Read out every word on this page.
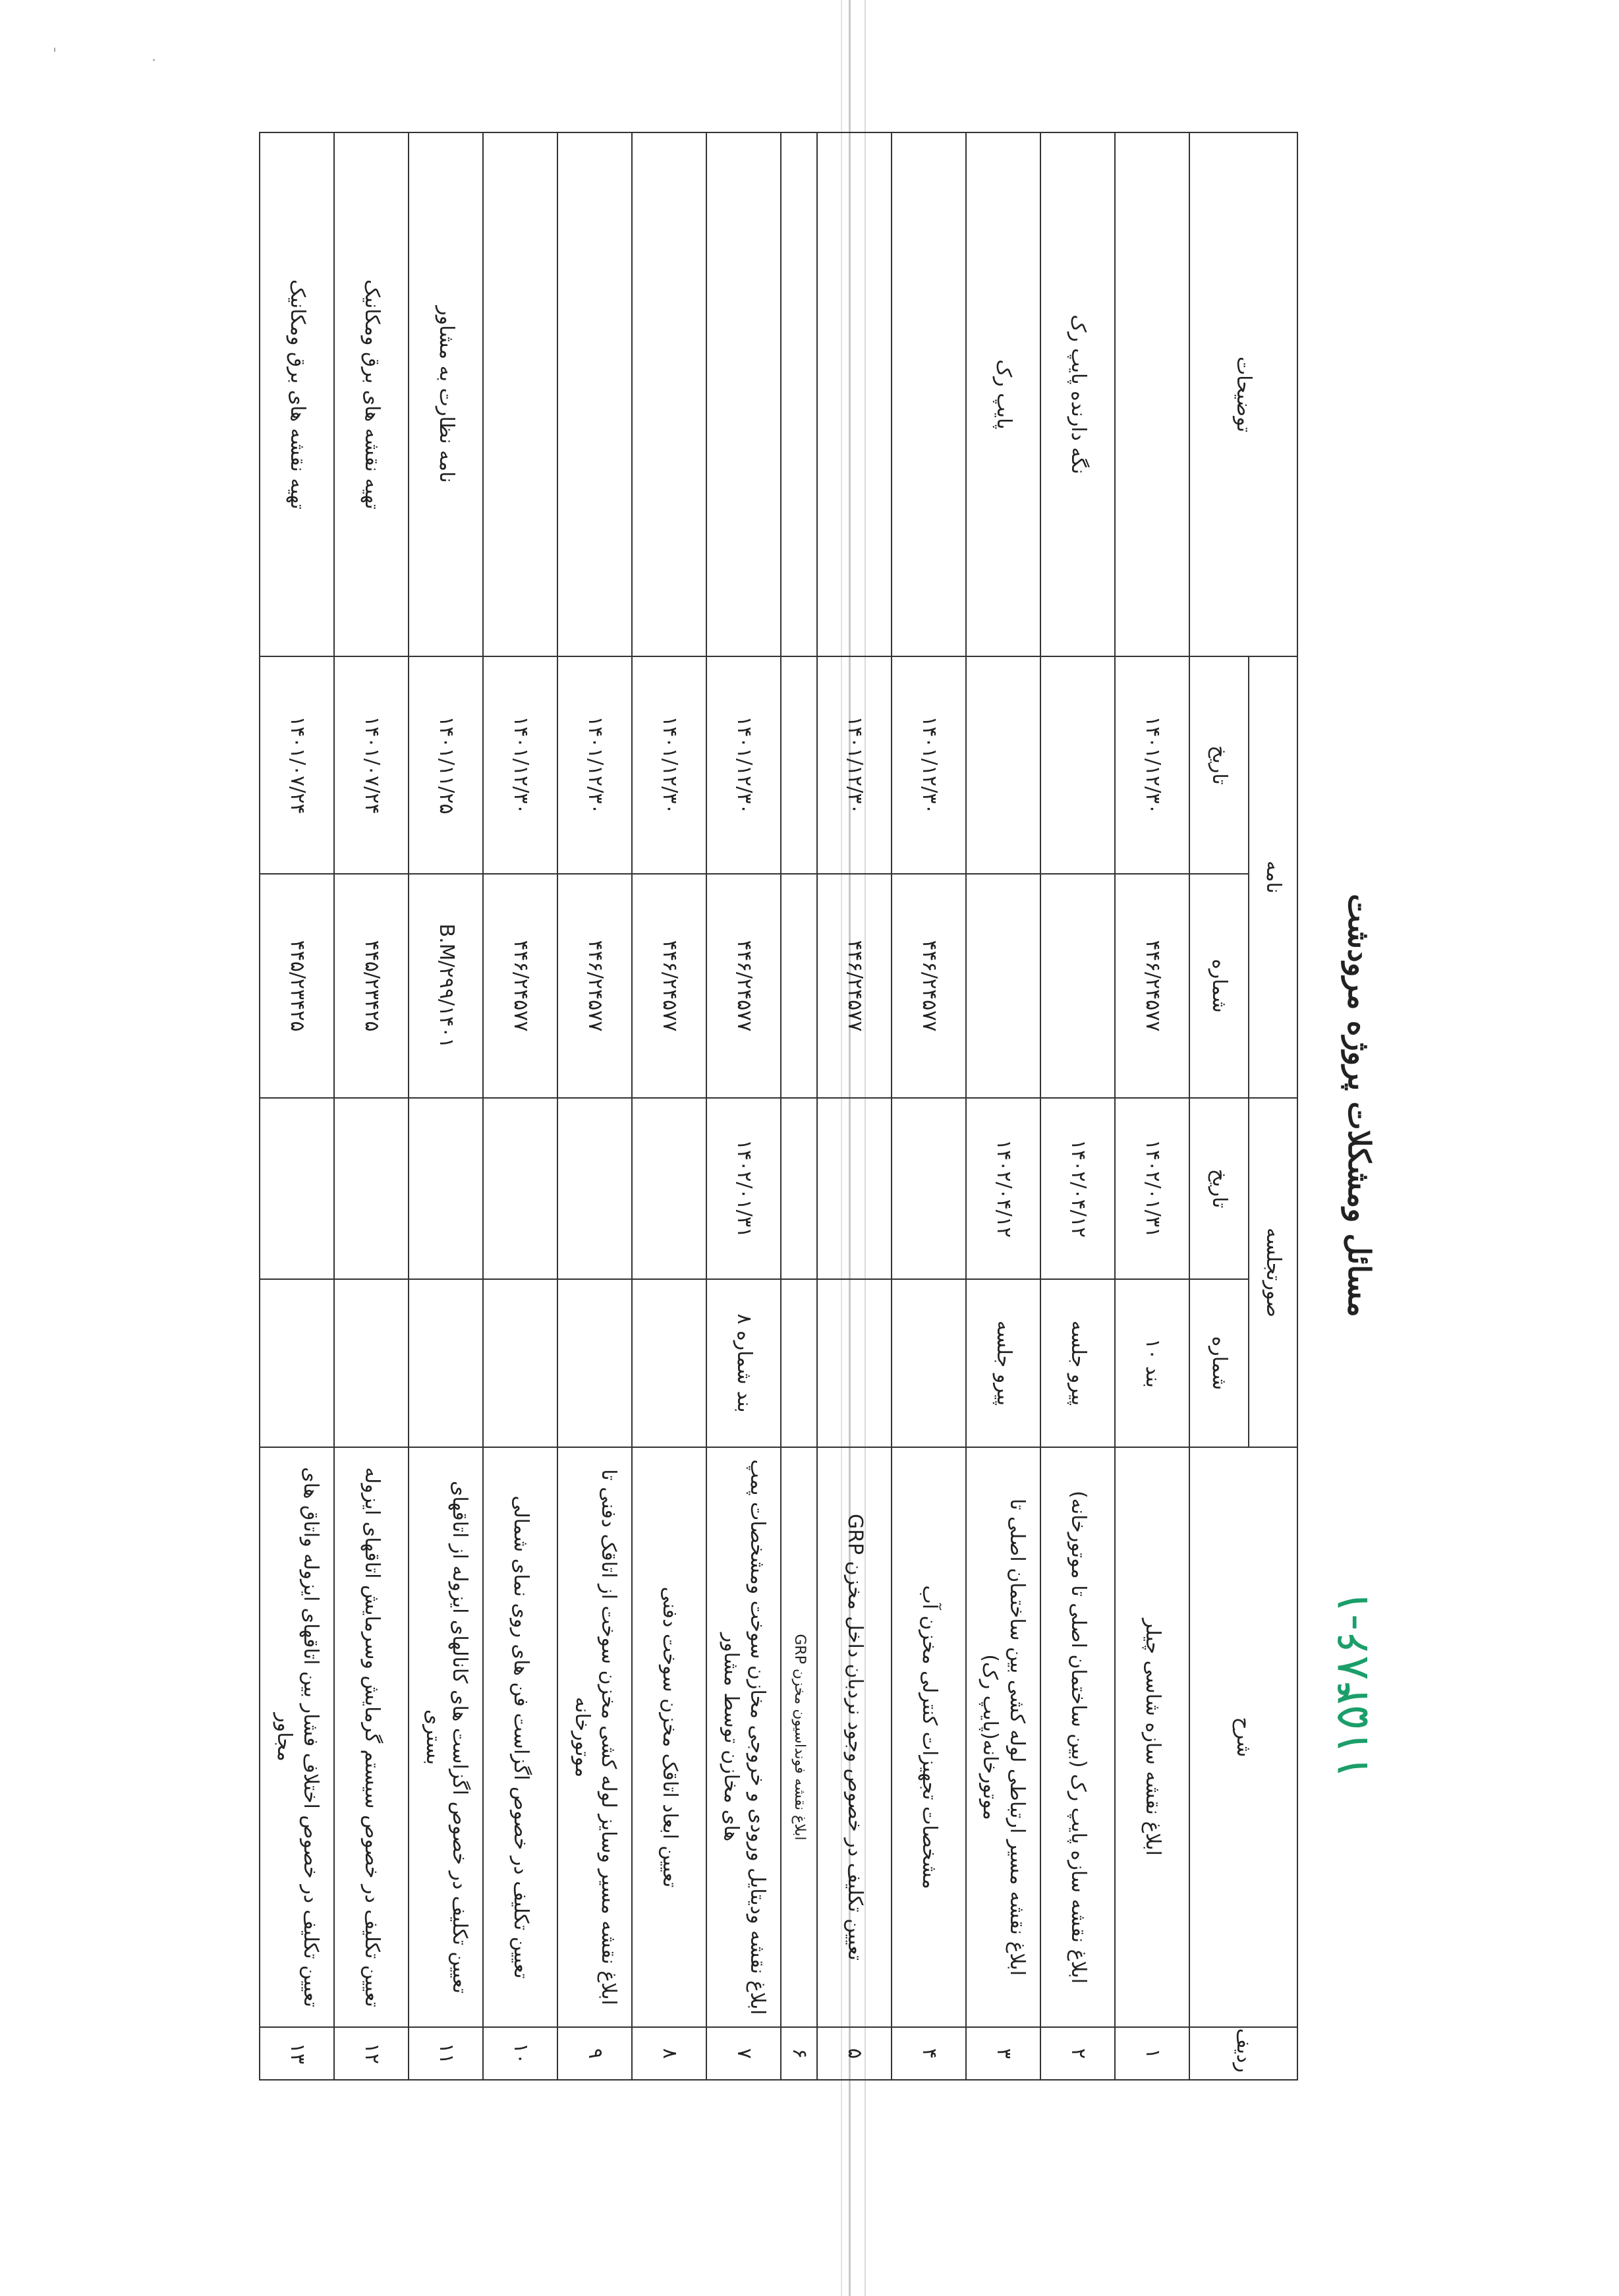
مسائل ومشکلات پروژه مرودشت
ردیف	شرح	صورتجلسه		نامه		توضیحات
		شماره	تاریخ	شماره	تاریخ	
۱	ابلاغ نقشه سازه شاسی چیلر	بند ۱۰	۱۴۰۲/۰۱/۳۱	۴۴۶/۲۴۵۷۷	۱۴۰۱/۱۲/۳۰	
۲	ابلاغ نقشه سازه پایپ رک (بین ساختمان اصلی تا موتورخانه)	پیرو جلسه	۱۴۰۲/۰۴/۱۲			نگه دارنده پایپ رک
۳	ابلاغ نقشه مسیر ارتباطی لوله کشی بین ساختمان اصلی تا موتورخانه(پایپ رک)	پیرو جلسه	۱۴۰۲/۰۴/۱۲			پایپ رک
۴	مشخصات تجهیزات کنترلی مخزن آب			۴۴۶/۲۴۵۷۷	۱۴۰۱/۱۲/۳۰	
۵	تعیین تکلیف در خصوص وجود نردبان داخل مخزن GRP			۴۴۶/۲۴۵۷۷	۱۴۰۱/۱۲/۳۰	
۶	ابلاغ نقشه فونداسیون مخزن GRP					
۷	ابلاغ نقشه ودیتایل ورودی و خروجی مخازن سوخت ومشخصات پمپ های مخازن توسط مشاور	بند شماره ۸	۱۴۰۲/۰۱/۳۱	۴۴۶/۲۴۵۷۷	۱۴۰۱/۱۲/۳۰	
۸	تعیین ابعاد اتاقک مخزن سوخت دفنی			۴۴۶/۲۴۵۷۷	۱۴۰۱/۱۲/۳۰	
۹	ابلاغ نقشه مسیر وسایز لوله کشی مخزن سوخت از اتاقک دفنی تا موتورخانه			۴۴۶/۲۴۵۷۷	۱۴۰۱/۱۲/۳۰	
۱۰	تعیین تکلیف در خصوص اگزاست فن های روی نمای شمالی			۴۴۶/۲۴۵۷۷	۱۴۰۱/۱۲/۳۰	
۱۱	تعیین تکلیف در خصوص اگزاست های کانالهای ایزوله از اتاقهای بستری			B.M/۲۹۹/۱۴۰۱	۱۴۰۱/۱۱/۲۵	نامه نظارت به مشاور
۱۲	تعیین تکلیف در خصوص سیستم گرمایش وسرمایش اتاقهای ایزوله			۴۴۵/۲۳۴۲۵	۱۴۰۱/۰۷/۲۴	تهیه نقشه های برق ومکانیک
۱۳	تعیین تکلیف در خصوص اختلاف فشار بین اتاقهای ایزوله واتاق های مجاور			۴۴۵/۲۳۴۲۵	۱۴۰۱/۰۷/۲۴	تهیه نقشه های برق ومکانیک
۱۱۵۴۸۶-۱
'	·
